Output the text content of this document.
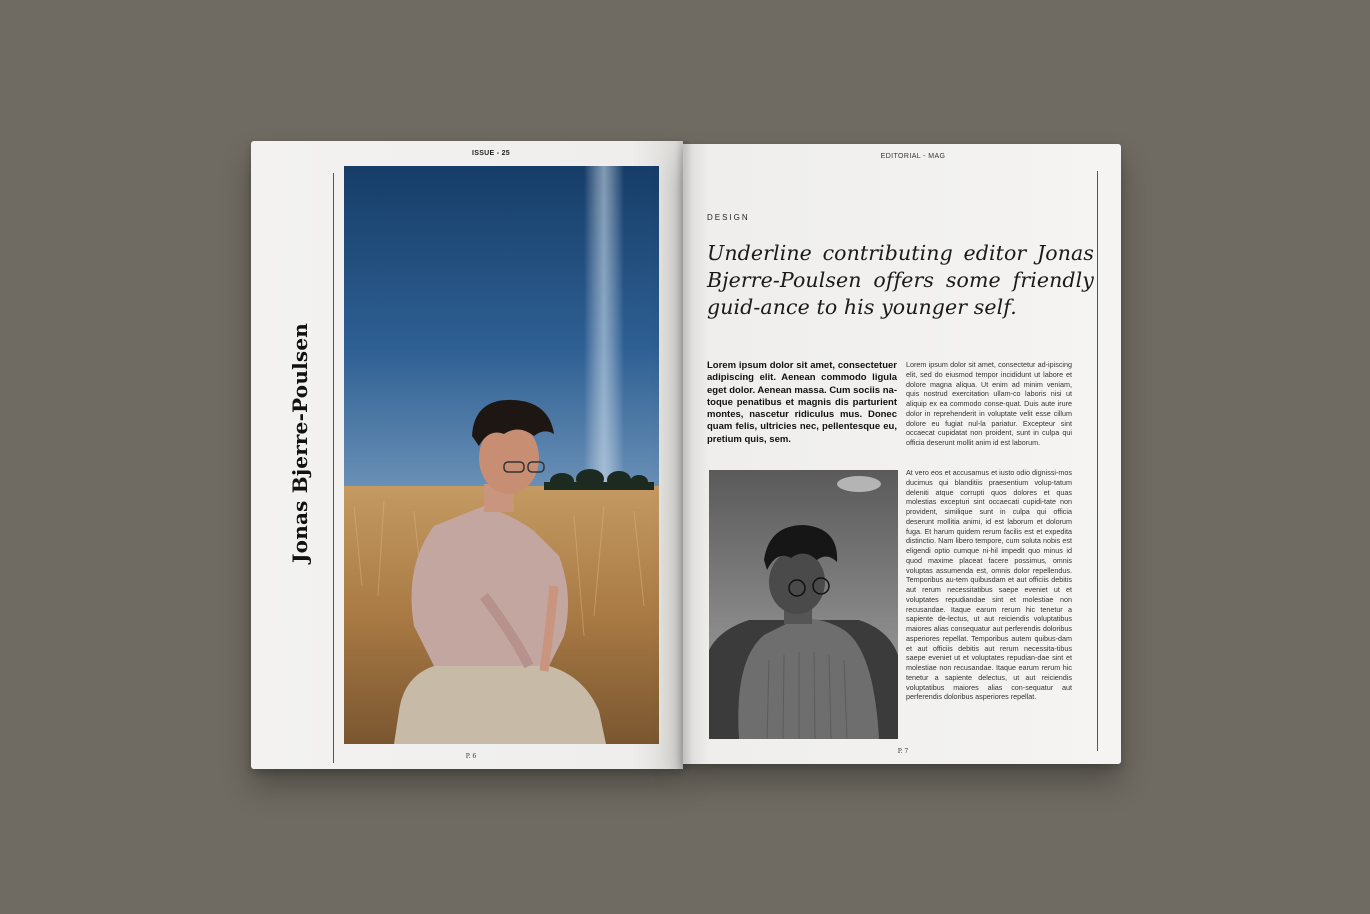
ISSUE - 25
Jonas Bjerre-Poulsen
P. 6
EDITORIAL - MAG
DESIGN
Underline contributing editor Jonas Bjerre-Poulsen offers some friendly guid-ance to his younger self.
Lorem ipsum dolor sit amet, consectetuer adipiscing elit. Aenean commodo ligula eget dolor. Aenean massa. Cum sociis na-toque penatibus et magnis dis parturient montes, nascetur ridiculus mus. Donec quam felis, ultricies nec, pellentesque eu, pretium quis, sem.
Lorem ipsum dolor sit amet, consectetur ad-ipiscing elit, sed do eiusmod tempor incididunt ut labore et dolore magna aliqua. Ut enim ad minim veniam, quis nostrud exercitation ullam-co laboris nisi ut aliquip ex ea commodo conse-quat. Duis aute irure dolor in reprehenderit in voluptate velit esse cillum dolore eu fugiat nul-la pariatur. Excepteur sint occaecat cupidatat non proident, sunt in culpa qui officia deserunt mollit anim id est laborum.
At vero eos et accusamus et iusto odio dignissi-mos ducimus qui blanditiis praesentium volup-tatum deleniti atque corrupti quos dolores et quas molestias excepturi sint occaecati cupidi-tate non provident, similique sunt in culpa qui officia deserunt mollitia animi, id est laborum et dolorum fuga. Et harum quidem rerum facilis est et expedita distinctio. Nam libero tempore, cum soluta nobis est eligendi optio cumque ni-hil impedit quo minus id quod maxime placeat facere possimus, omnis voluptas assumenda est, omnis dolor repellendus. Temporibus au-tem quibusdam et aut officiis debitis aut rerum necessitatibus saepe eveniet ut et voluptates repudiandae sint et molestiae non recusandae. Itaque earum rerum hic tenetur a sapiente de-lectus, ut aut reiciendis voluptatibus maiores alias consequatur aut perferendis doloribus asperiores repellat. Temporibus autem quibus-dam et aut officiis debitis aut rerum necessita-tibus saepe eveniet ut et voluptates repudian-dae sint et molestiae non recusandae. Itaque earum rerum hic tenetur a sapiente delectus, ut aut reiciendis voluptatibus maiores alias con-sequatur aut perferendis doloribus asperiores repellat.
P. 7
